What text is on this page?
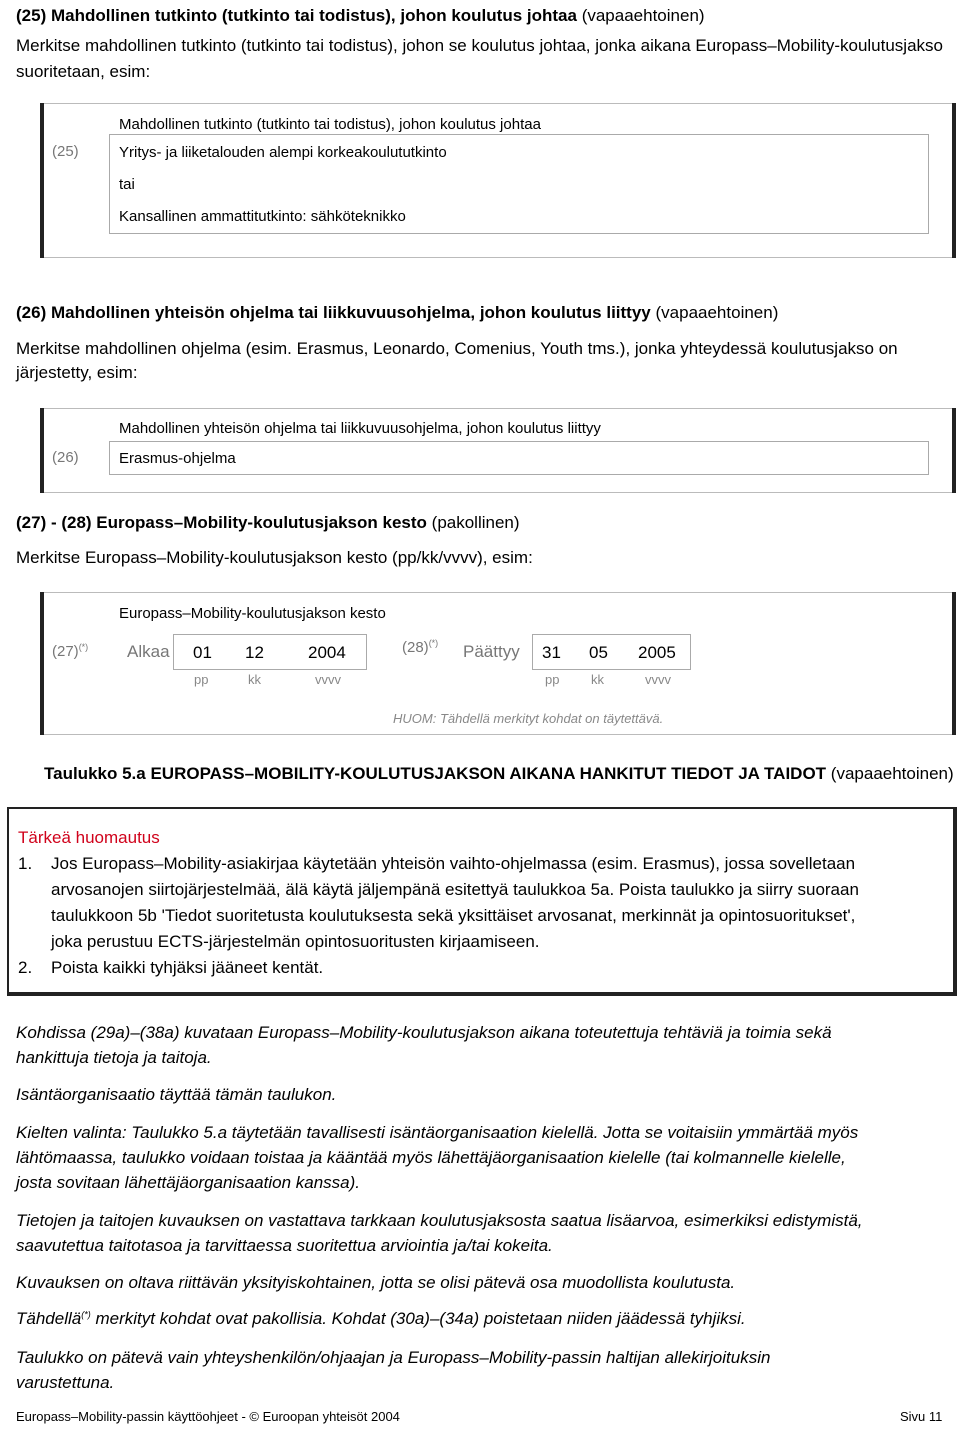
(25) Mahdollinen tutkinto (tutkinto tai todistus), johon koulutus johtaa (vapaaehtoinen)
Merkitse mahdollinen tutkinto (tutkinto tai todistus), johon se koulutus johtaa, jonka aikana Europass–Mobility-koulutusjakso
suoritetaan, esim:
Mahdollinen tutkinto (tutkinto tai todistus), johon koulutus johtaa
(25)	Yritys- ja liiketalouden alempi korkeakoulututkinto
tai
Kansallinen ammattitutkinto: sähköteknikko
(26) Mahdollinen yhteisön ohjelma tai liikkuvuusohjelma, johon koulutus liittyy (vapaaehtoinen)
Merkitse mahdollinen ohjelma (esim. Erasmus, Leonardo, Comenius, Youth tms.), jonka yhteydessä koulutusjakso on
järjestetty, esim:
Mahdollinen yhteisön ohjelma tai liikkuvuusohjelma, johon koulutus liittyy
(26)	Erasmus-ohjelma
(27) - (28) Europass–Mobility-koulutusjakson kesto (pakollinen)
Merkitse Europass–Mobility-koulutusjakson kesto (pp/kk/vvvv), esim:
Europass–Mobility-koulutusjakson kesto
(27)(*) Alkaa 01 12	2004
pp	kk	vvvv
(28)(*) Päättyy 31 05 2005
pp kk	vvvv
HUOM: Tähdellä merkityt kohdat on täytettävä.
Taulukko 5.a EUROPASS–MOBILITY-KOULUTUSJAKSON AIKANA HANKITUT TIEDOT JA TAIDOT (vapaaehtoinen)
Tärkeä huomautus
1. Jos Europass–Mobility-asiakirjaa käytetään yhteisön vaihto-ohjelmassa (esim. Erasmus), jossa sovelletaan
arvosanojen siirtojärjestelmää, älä käytä jäljempänä esitettyä taulukkoa 5a. Poista taulukko ja siirry suoraan
taulukkoon 5b 'Tiedot suoritetusta koulutuksesta sekä yksittäiset arvosanat, merkinnät ja opintosuoritukset',
joka perustuu ECTS-järjestelmän opintosuoritusten kirjaamiseen.
2. Poista kaikki tyhjäksi jääneet kentät.
Kohdissa (29a)–(38a) kuvataan Europass–Mobility-koulutusjakson aikana toteutettuja tehtäviä ja toimia sekä
hankittuja tietoja ja taitoja.
Isäntäorganisaatio täyttää tämän taulukon.
Kielten valinta: Taulukko 5.a täytetään tavallisesti isäntäorganisaation kielellä. Jotta se voitaisiin ymmärtää myös
lähtömaassa, taulukko voidaan toistaa ja kääntää myös lähettäjäorganisaation kielelle (tai kolmannelle kielelle,
josta sovitaan lähettäjäorganisaation kanssa).
Tietojen ja taitojen kuvauksen on vastattava tarkkaan koulutusjaksosta saatua lisäarvoa, esimerkiksi edistymistä,
saavutettua taitotasoa ja tarvittaessa suoritettua arviointia ja/tai kokeita.
Kuvauksen on oltava riittävän yksityiskohtainen, jotta se olisi pätevä osa muodollista koulutusta.
Tähdellä(*) merkityt kohdat ovat pakollisia. Kohdat (30a)–(34a) poistetaan niiden jäädessä tyhjiksi.
Taulukko on pätevä vain yhteyshenkilön/ohjaajan ja Europass–Mobility-passin haltijan allekirjoituksin
varustettuna.
Europass–Mobility-passin käyttöohjeet - © Euroopan yhteisöt 2004	Sivu 11
